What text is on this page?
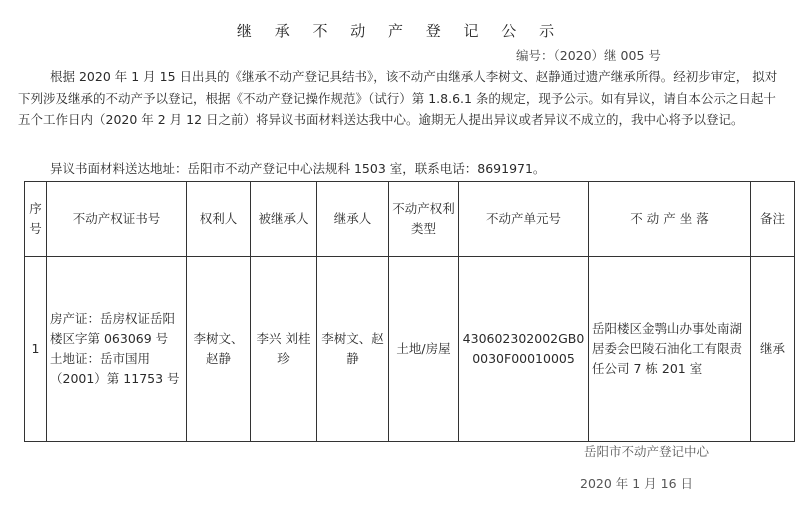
继 承 不 动 产 登 记 公 示
编号：（2020）继 005 号

根据 2020 年 1 月 15 日出具的《继承不动产登记具结书》，该不动产由继承人李树文、赵静通过遗产继承所得。经初步审定， 拟对下列涉及继承的不动产予以登记，根据《不动产登记操作规范》（试行）第 1.8.6.1 条的规定，现予公示。如有异议，请自本公示之日起十五个工作日内（2020 年 2 月 12 日之前）将异议书面材料送达我中心。逾期无人提出异议或者异议不成立的，我中心将予以登记。

异议书面材料送达地址：岳阳市不动产登记中心法规科 1503 室，联系电话：8691971。
序号	不动产权证书号	权利人	被继承人	继承人	不动产权利类型	不动产单元号	不 动 产 坐 落	备注
1	房产证：岳房权证岳阳楼区字第 063069 号
土地证：岳市国用（2001）第 11753 号	李树文、赵静	李兴 刘桂珍	李树文、赵静	土地/房屋	430602302002GB00030F00010005	岳阳楼区金鹗山办事处南湖居委会巴陵石油化工有限责任公司 7 栋 201 室	继承
岳阳市不动产登记中心
2020 年 1 月 16 日
